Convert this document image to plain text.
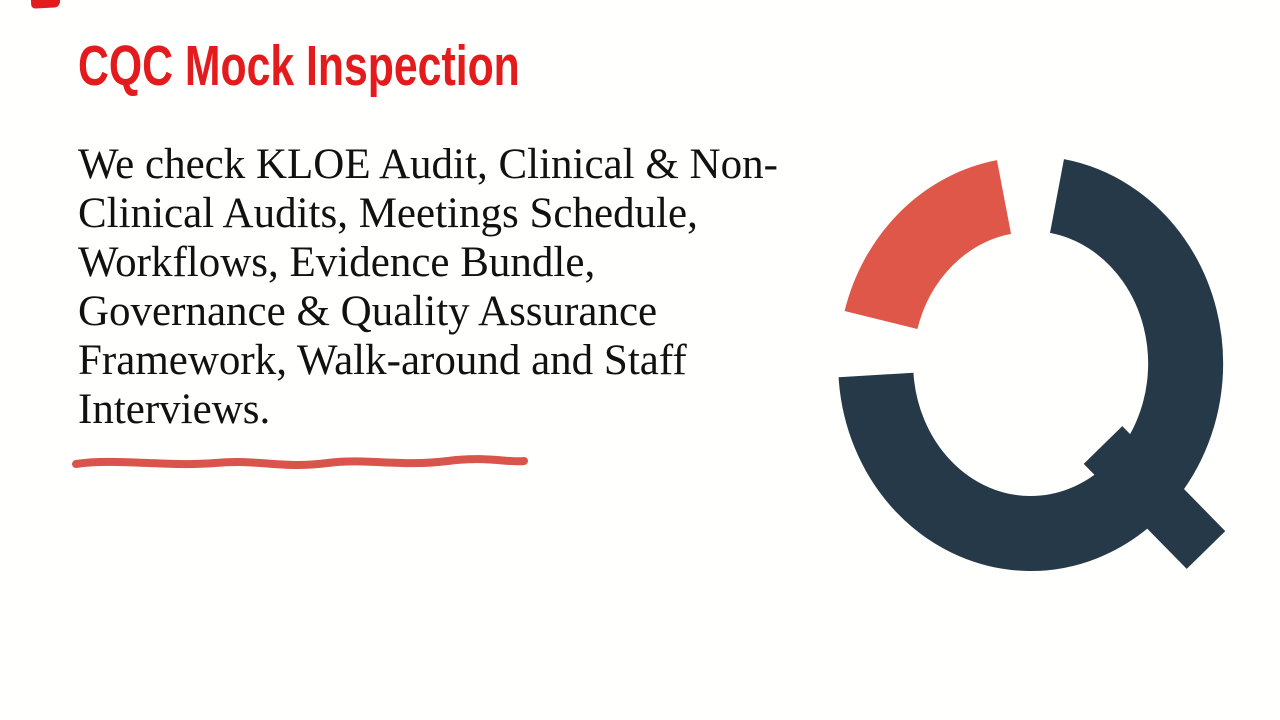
CQC Mock Inspection
We check KLOE Audit, Clinical & Non-
Clinical Audits, Meetings Schedule,
Workflows, Evidence Bundle,
Governance & Quality Assurance
Framework, Walk-around and Staff
Interviews.
